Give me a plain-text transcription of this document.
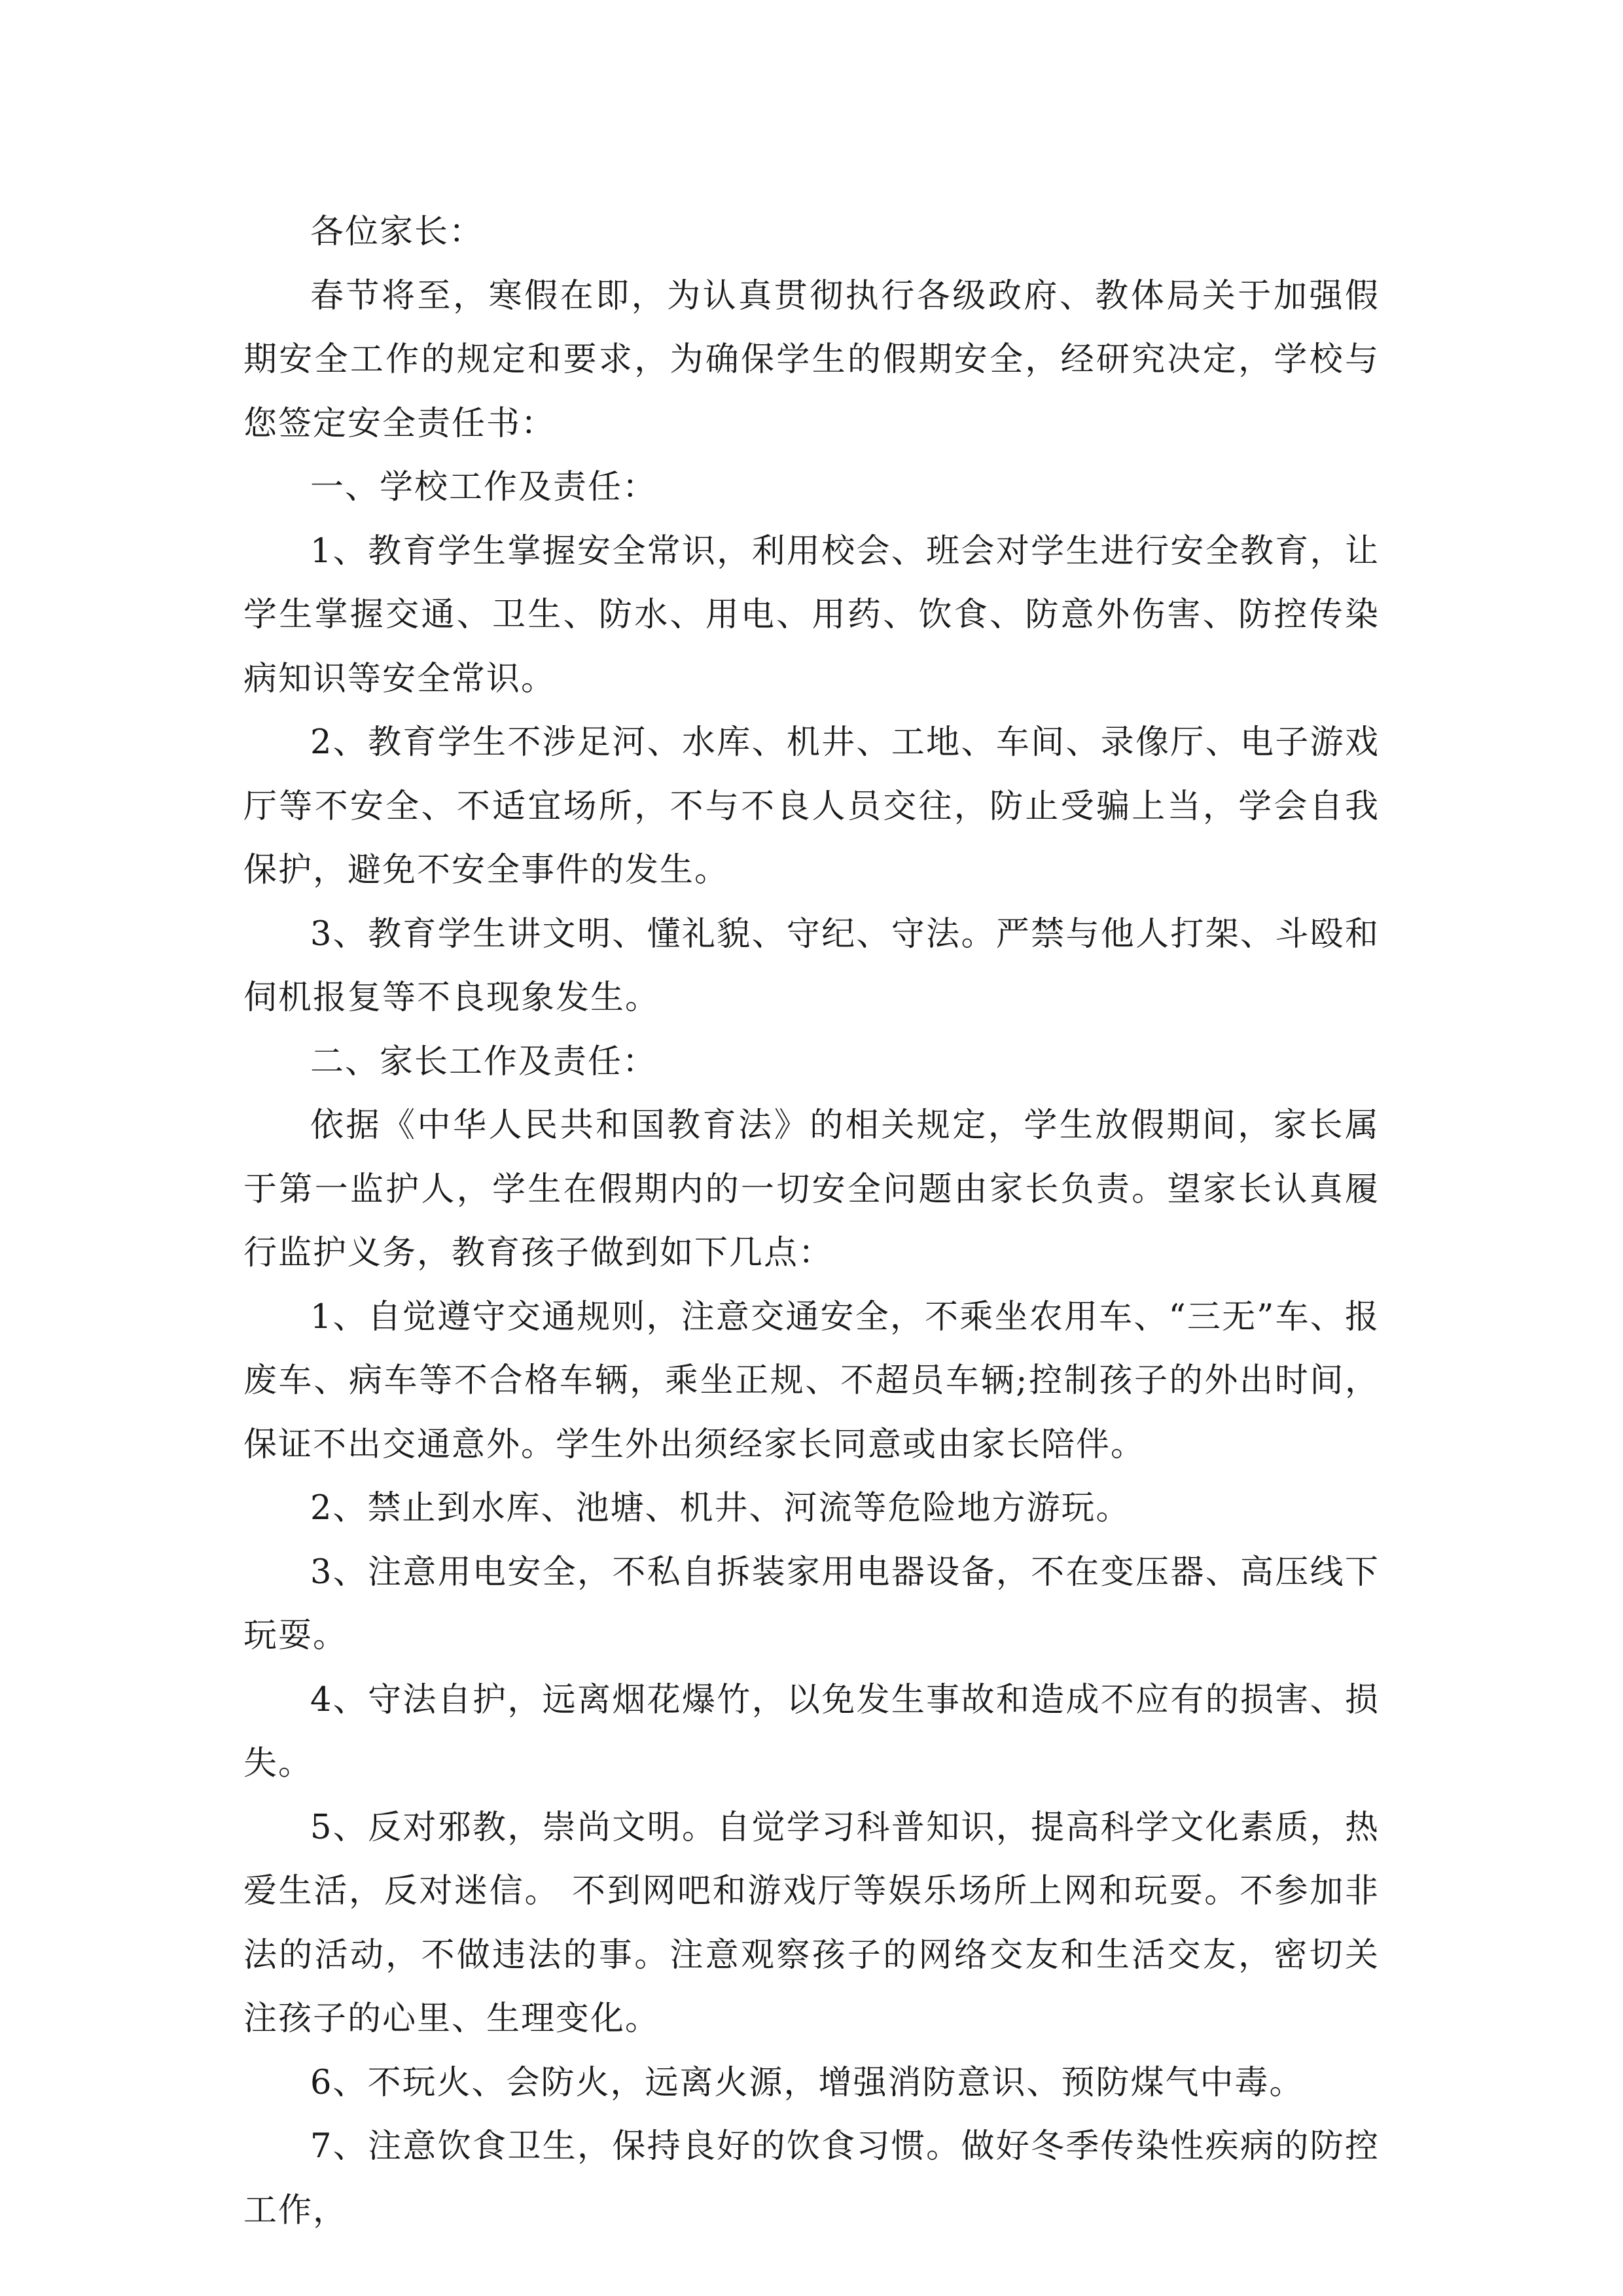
各位家长：

春节将至，寒假在即，为认真贯彻执行各级政府、教体局关于加强假期安全工作的规定和要求，为确保学生的假期安全，经研究决定，学校与您签定安全责任书：

一、学校工作及责任：

1、教育学生掌握安全常识，利用校会、班会对学生进行安全教育，让学生掌握交通、卫生、防水、用电、用药、饮食、防意外伤害、防控传染病知识等安全常识。

2、教育学生不涉足河、水库、机井、工地、车间、录像厅、电子游戏厅等不安全、不适宜场所，不与不良人员交往，防止受骗上当，学会自我保护，避免不安全事件的发生。

3、教育学生讲文明、懂礼貌、守纪、守法。严禁与他人打架、斗殴和伺机报复等不良现象发生。

二、家长工作及责任：

依据《中华人民共和国教育法》的相关规定，学生放假期间，家长属于第一监护人，学生在假期内的一切安全问题由家长负责。望家长认真履行监护义务，教育孩子做到如下几点：

1、自觉遵守交通规则，注意交通安全，不乘坐农用车、“三无”车、报废车、病车等不合格车辆，乘坐正规、不超员车辆;控制孩子的外出时间，保证不出交通意外。学生外出须经家长同意或由家长陪伴。

2、禁止到水库、池塘、机井、河流等危险地方游玩。

3、注意用电安全，不私自拆装家用电器设备，不在变压器、高压线下玩耍。

4、守法自护，远离烟花爆竹，以免发生事故和造成不应有的损害、损失。

5、反对邪教，崇尚文明。自觉学习科普知识，提高科学文化素质，热爱生活，反对迷信。 不到网吧和游戏厅等娱乐场所上网和玩耍。不参加非法的活动，不做违法的事。注意观察孩子的网络交友和生活交友，密切关注孩子的心里、生理变化。

6、不玩火、会防火，远离火源，增强消防意识、预防煤气中毒。

7、注意饮食卫生，保持良好的饮食习惯。做好冬季传染性疾病的防控工作，
